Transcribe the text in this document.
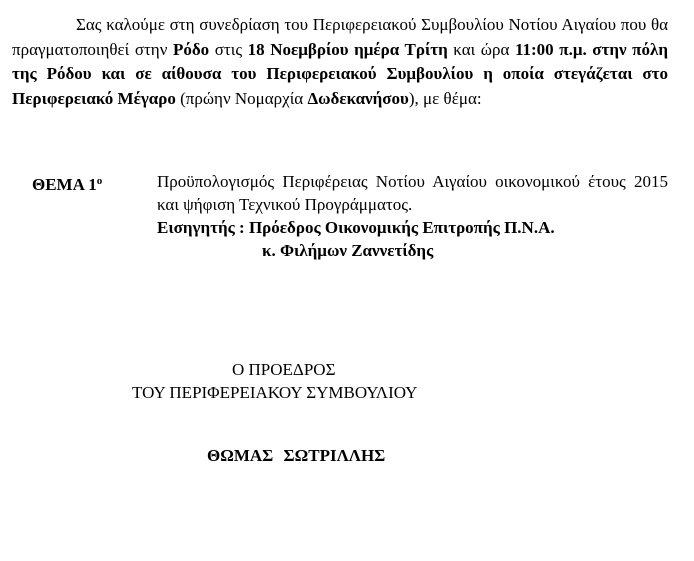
Σας καλούμε στη συνεδρίαση του Περιφερειακού Συμβουλίου Νοτίου Αιγαίου που θα πραγματοποιηθεί στην Ρόδο στις 18 Νοεμβρίου ημέρα Τρίτη και ώρα 11:00 π.μ. στην πόλη της Ρόδου και σε αίθουσα του Περιφερειακού Συμβουλίου η οποία στεγάζεται στο Περιφερειακό Μέγαρο (πρώην Νομαρχία Δωδεκανήσου), με θέμα:
ΘΕΜΑ $1^o$	Προϋπολογισμός Περιφέρειας Νοτίου Αιγαίου οικονομικού έτους 2015 και ψήφιση Τεχνικού Προγράμματος.
Εισηγητής : Πρόεδρος Οικονομικής Επιτροπής Π.Ν.Α.
κ. Φιλήμων Ζαννετίδης
Ο ΠΡΟΕΔΡΟΣ
ΤΟΥ ΠΕΡΙΦΕΡΕΙΑΚΟΥ ΣΥΜΒΟΥΛΙΟΥ
ΘΩΜΑΣ ΣΩΤΡΙΛΛΗΣ
